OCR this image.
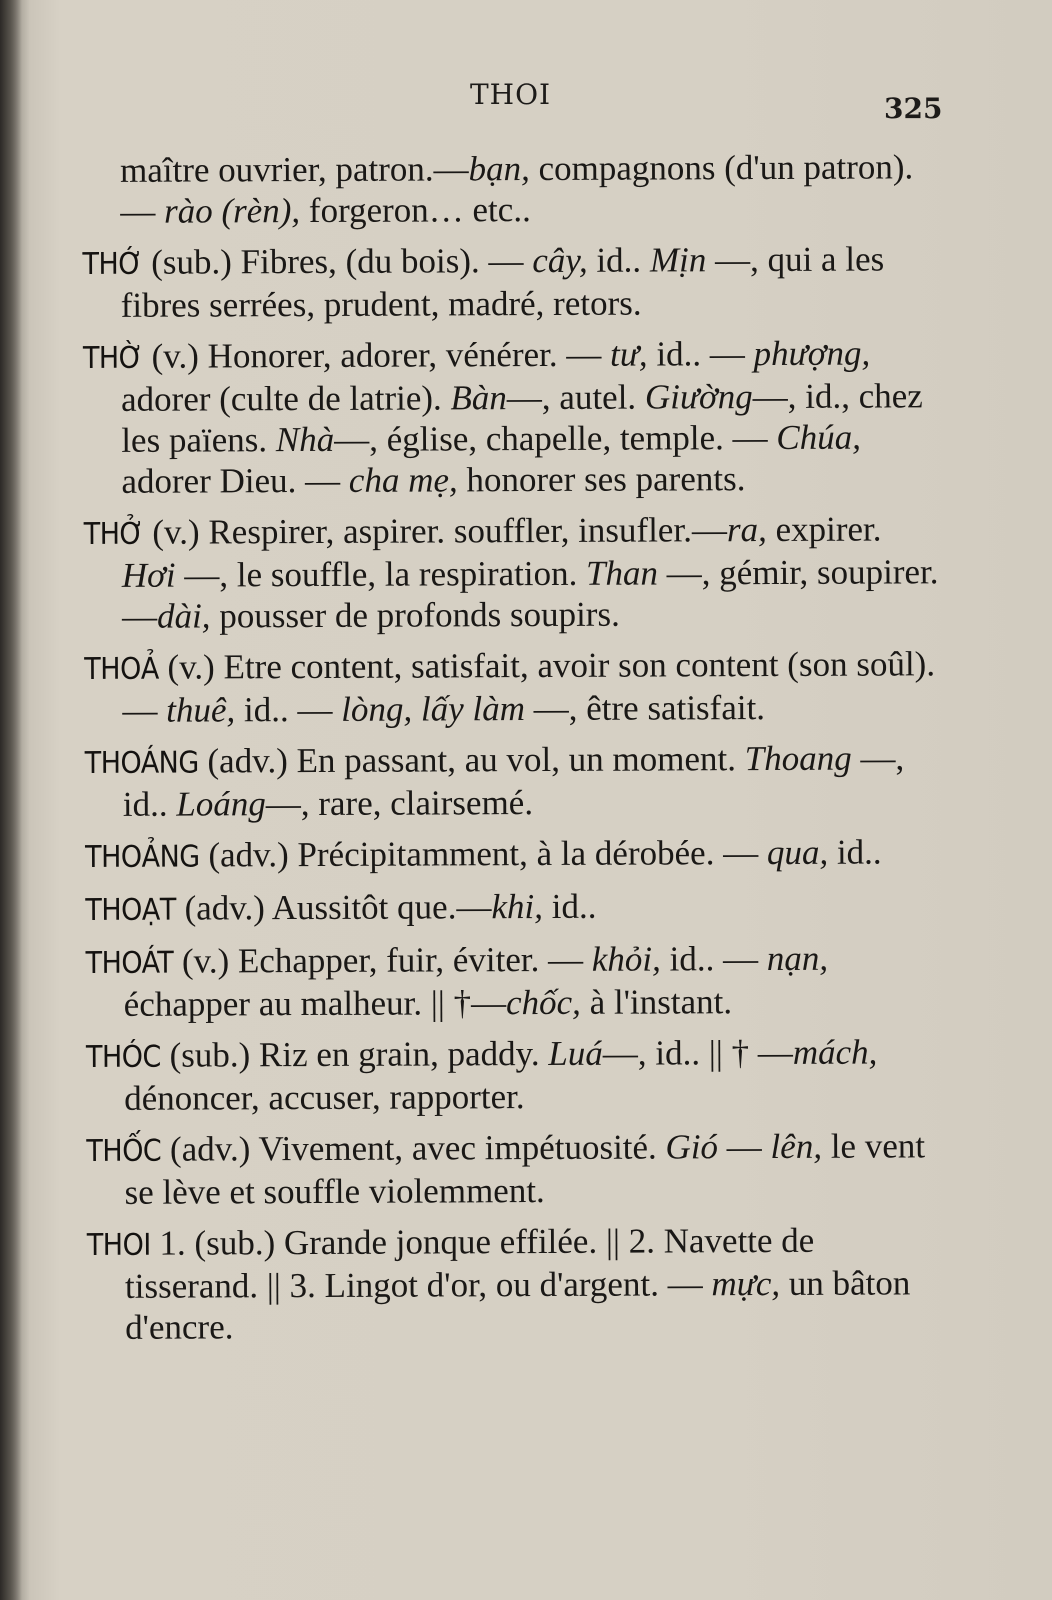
THOI	325

maître ouvrier, patron.—bạn, compagnons (d'un patron). — rào (rèn), forgeron… etc..

THỚ (sub.) Fibres, (du bois). — cây, id.. Mịn —, qui a les fibres serrées, prudent, madré, retors.

THỜ (v.) Honorer, adorer, vénérer. — tư, id.. — phượng, adorer (culte de latrie). Bàn—, autel. Giường—, id., chez les païens. Nhà—, église, chapelle, temple. — Chúa, adorer Dieu. — cha mẹ, honorer ses parents.

THỞ (v.) Respirer, aspirer. souffler, insufler.—ra, expirer. Hơi —, le souffle, la respiration. Than —, gémir, soupirer.—dài, pousser de profonds soupirs.

THOẢ (v.) Etre content, satisfait, avoir son content (son soûl). — thuê, id.. — lòng, lấy làm —, être satisfait.

THOÁNG (adv.) En passant, au vol, un moment. Thoang —, id.. Loáng—, rare, clairsemé.

THOẢNG (adv.) Précipitamment, à la dérobée. — qua, id..

THOẠT (adv.) Aussitôt que.—khi, id..

THOÁT (v.) Echapper, fuir, éviter. — khỏi, id.. — nạn, échapper au malheur. || †—chốc, à l'instant.

THÓC (sub.) Riz en grain, paddy. Luá—, id.. || † —mách, dénoncer, accuser, rapporter.

THỐC (adv.) Vivement, avec impétuosité. Gió — lên, le vent se lève et souffle violemment.

THOI 1. (sub.) Grande jonque effilée. || 2. Navette de tisserand. || 3. Lingot d'or, ou d'argent. — mực, un bâton d'encre.
